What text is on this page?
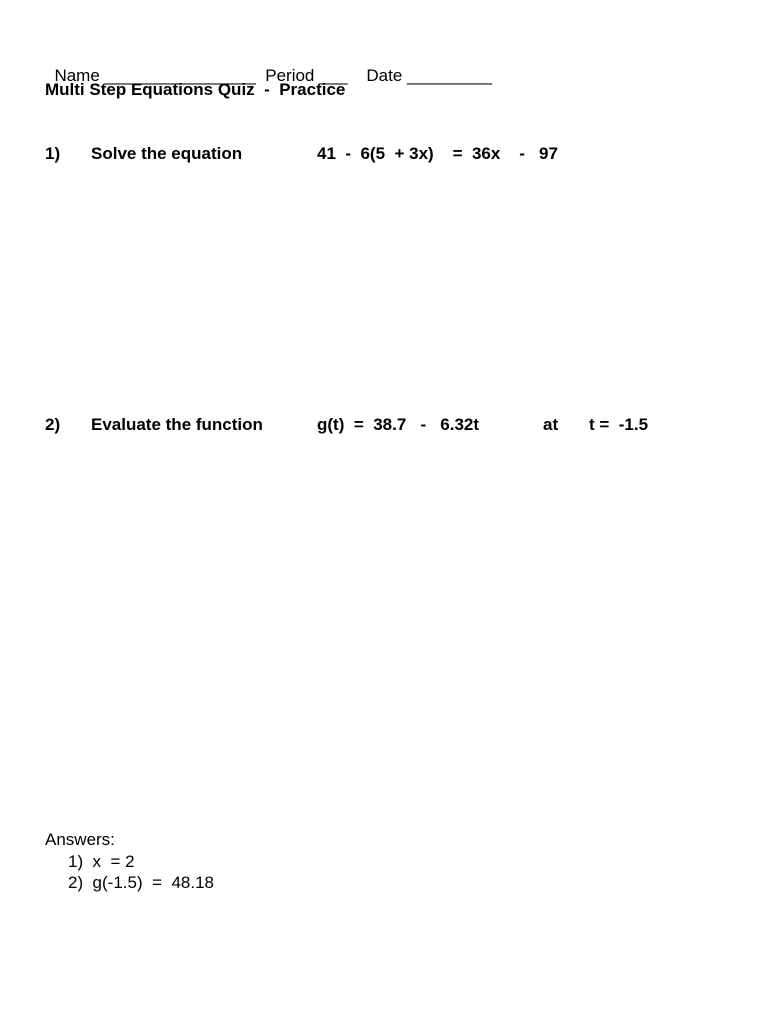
Name ________________ Period ___ Date _________

Multi Step Equations Quiz  -  Practice
1) Solve the equation	41  -  6(5  + 3x)    =  36x    -   97
2) Evaluate the function	g(t)  =  38.7   -   6.32t	at t =  -1.5
Answers:
1)  x  = 2
2)  g(-1.5)  =  48.18
